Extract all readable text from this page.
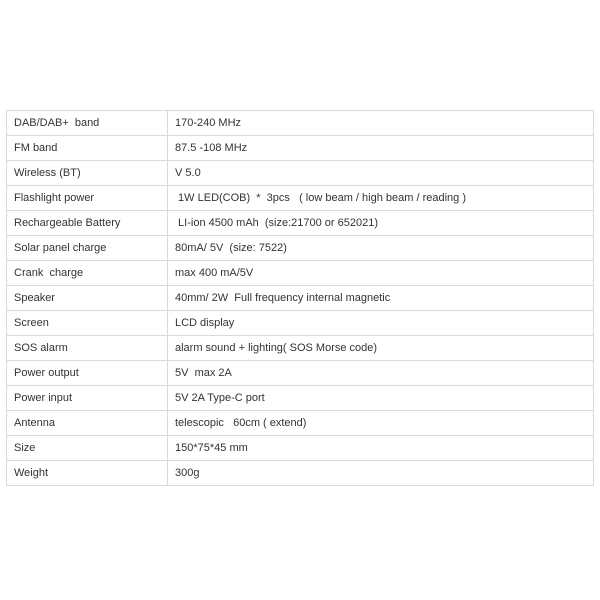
DAB/DAB+  band	170-240 MHz
FM band	87.5 -108 MHz
Wireless (BT)	V 5.0
Flashlight power	1W LED(COB)  *  3pcs   ( low beam / high beam / reading )
Rechargeable Battery	LI-ion 4500 mAh  (size:21700 or 652021)
Solar panel charge	80mA/ 5V  (size: 7522)
Crank  charge	max 400 mA/5V
Speaker	40mm/ 2W  Full frequency internal magnetic
Screen	LCD display
SOS alarm	alarm sound + lighting( SOS Morse code)
Power output	5V  max 2A
Power input	5V 2A Type-C port
Antenna	telescopic   60cm ( extend)
Size	150*75*45 mm
Weight	300g
